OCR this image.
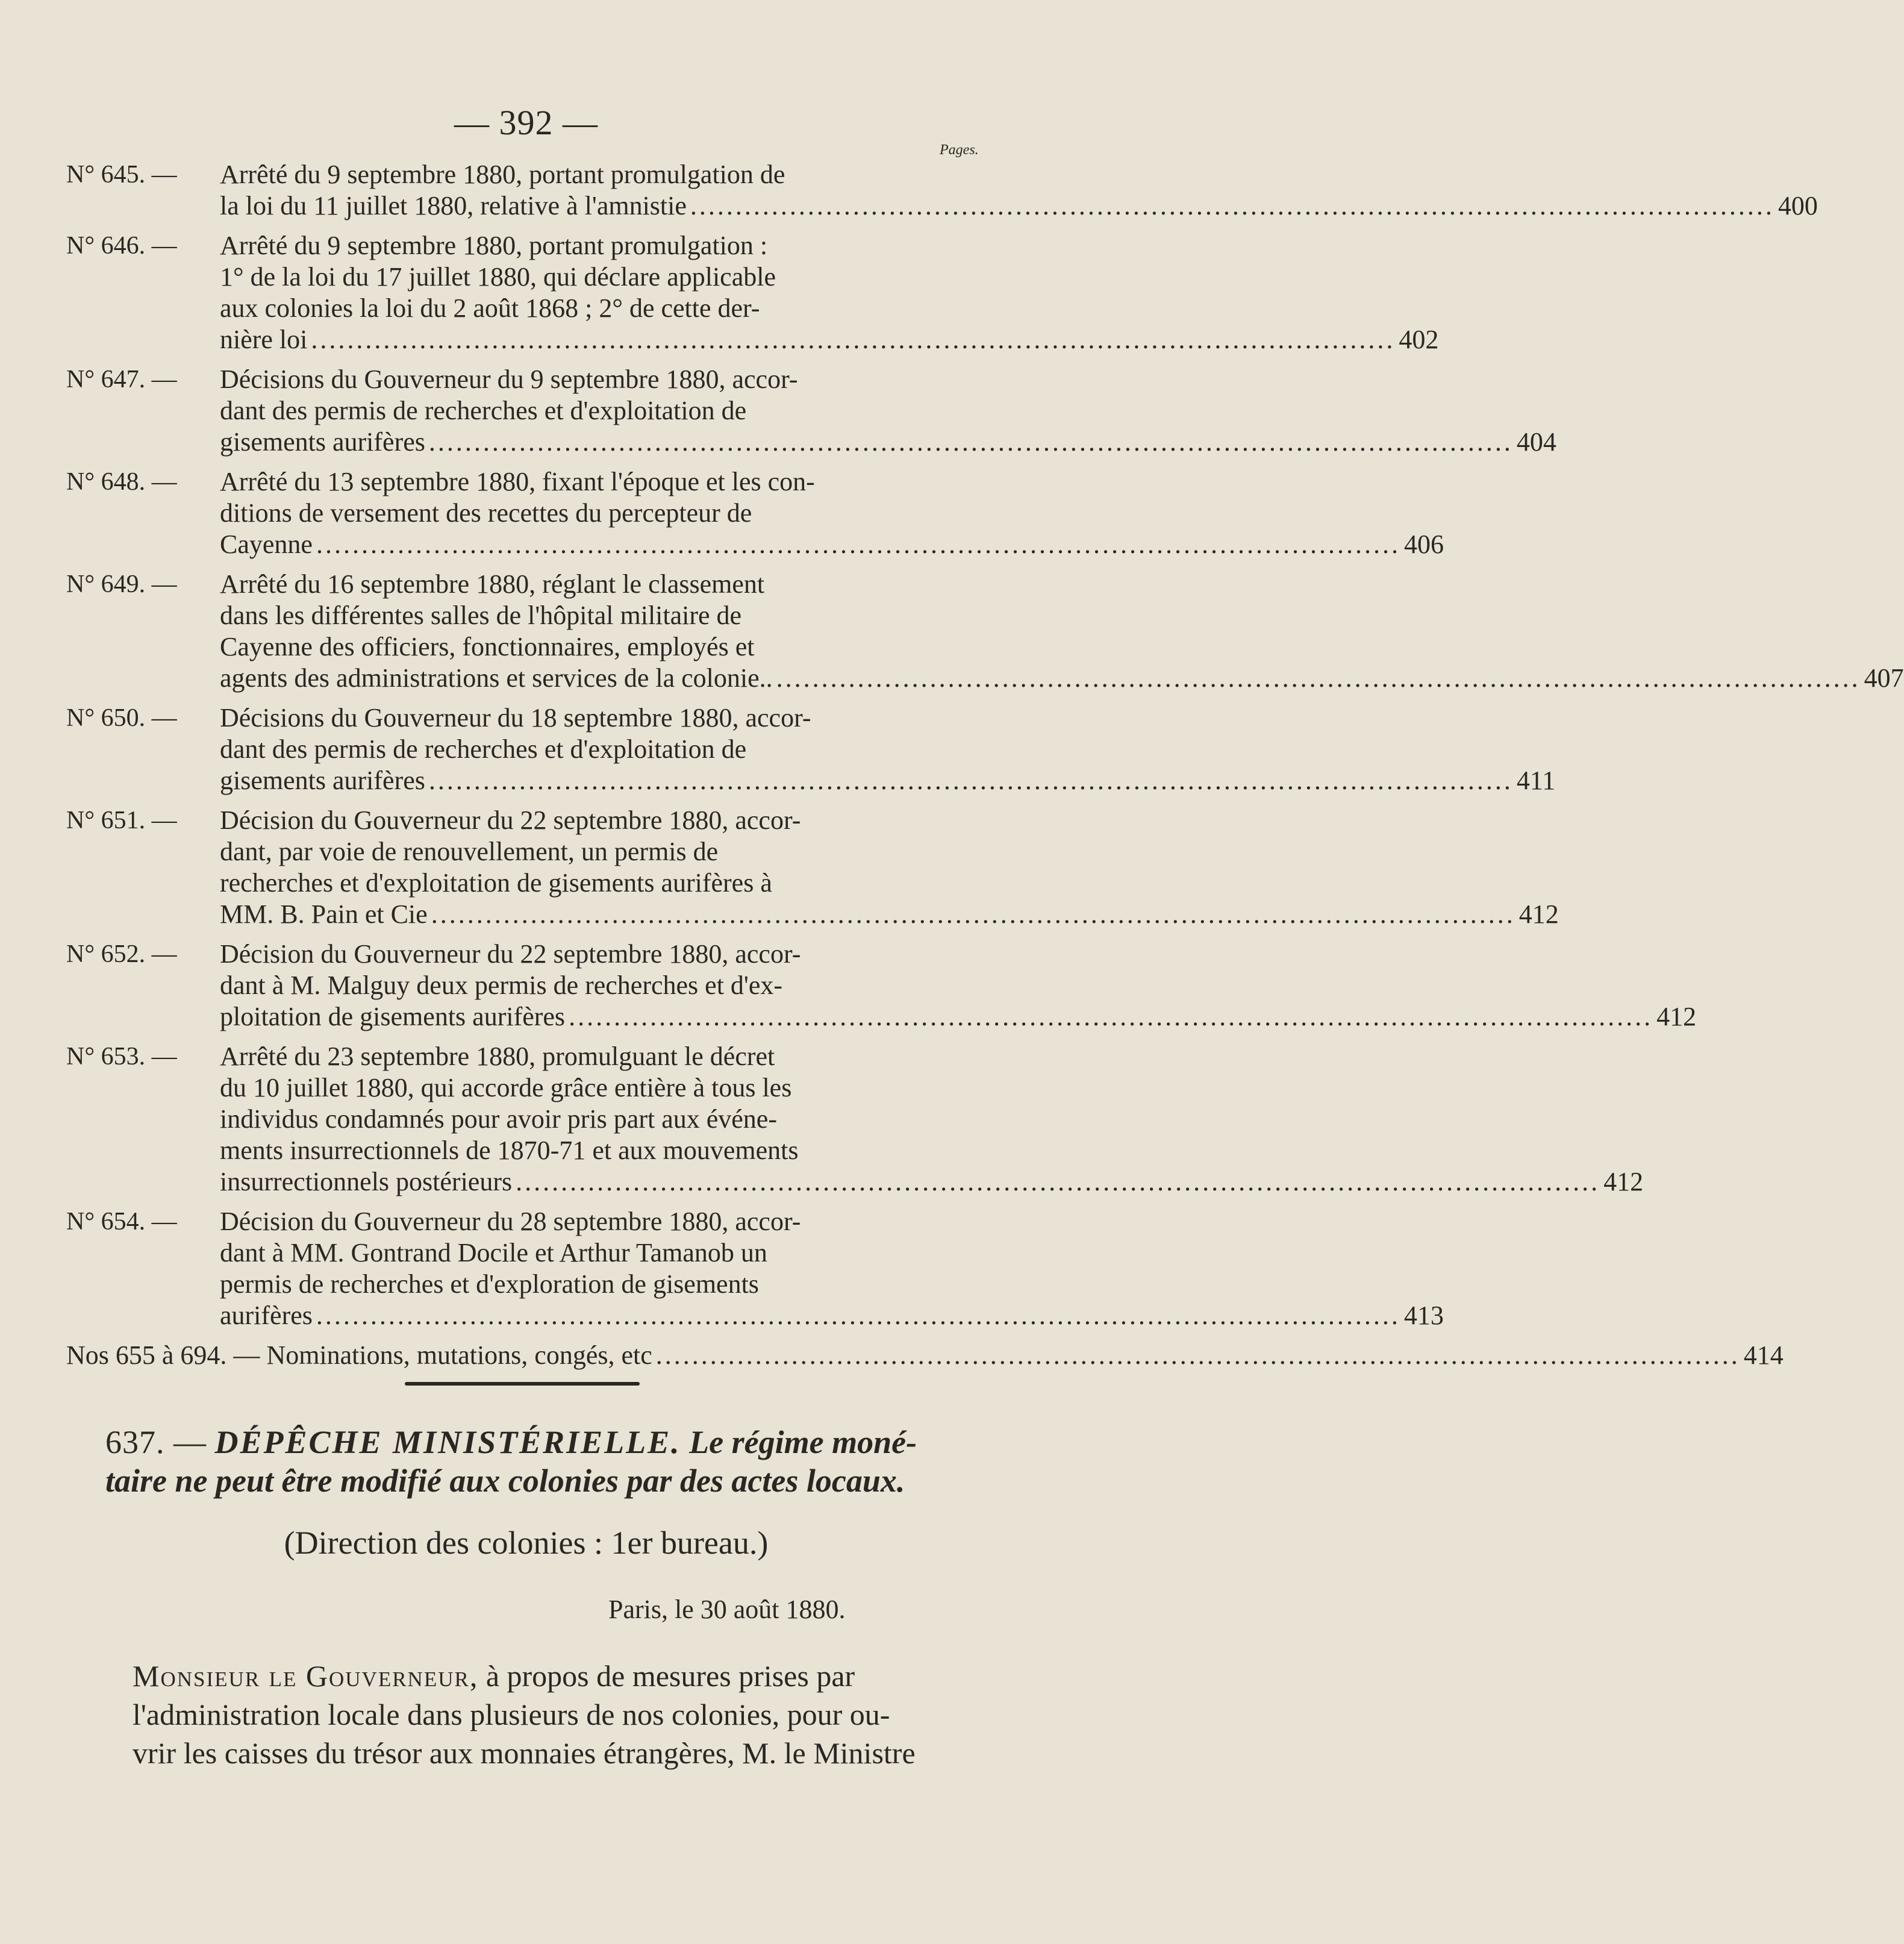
— 392 —
Pages.
N° 645. —	Arrêté du 9 septembre 1880, portant promulgation de
la loi du 11 juillet 1880, relative à l'amnistie ........................................................................................................................ 400
N° 646. —	Arrêté du 9 septembre 1880, portant promulgation :
1° de la loi du 17 juillet 1880, qui déclare applicable
aux colonies la loi du 2 août 1868 ; 2° de cette der-
nière loi ........................................................................................................................ 402
N° 647. —	Décisions du Gouverneur du 9 septembre 1880, accor-
dant des permis de recherches et d'exploitation de
gisements aurifères ........................................................................................................................ 404
N° 648. —	Arrêté du 13 septembre 1880, fixant l'époque et les con-
ditions de versement des recettes du percepteur de
Cayenne ........................................................................................................................ 406
N° 649. —	Arrêté du 16 septembre 1880, réglant le classement
dans les différentes salles de l'hôpital militaire de
Cayenne des officiers, fonctionnaires, employés et
agents des administrations et services de la colonie.. ........................................................................................................................ 407
N° 650. —	Décisions du Gouverneur du 18 septembre 1880, accor-
dant des permis de recherches et d'exploitation de
gisements aurifères ........................................................................................................................ 411
N° 651. —	Décision du Gouverneur du 22 septembre 1880, accor-
dant, par voie de renouvellement, un permis de
recherches et d'exploitation de gisements aurifères à
MM. B. Pain et Cie ........................................................................................................................ 412
N° 652. —	Décision du Gouverneur du 22 septembre 1880, accor-
dant à M. Malguy deux permis de recherches et d'ex-
ploitation de gisements aurifères ........................................................................................................................ 412
N° 653. —	Arrêté du 23 septembre 1880, promulguant le décret
du 10 juillet 1880, qui accorde grâce entière à tous les
individus condamnés pour avoir pris part aux événe-
ments insurrectionnels de 1870-71 et aux mouvements
insurrectionnels postérieurs ........................................................................................................................ 412
N° 654. —	Décision du Gouverneur du 28 septembre 1880, accor-
dant à MM. Gontrand Docile et Arthur Tamanob un
permis de recherches et d'exploration de gisements
aurifères ........................................................................................................................ 413
Nos 655 à 694. — Nominations, mutations, congés, etc ........................................................................................................................ 414
637. — DÉPÊCHE MINISTÉRIELLE. Le régime moné-
taire ne peut être modifié aux colonies par des actes locaux.
(Direction des colonies : 1er bureau.)
Paris, le 30 août 1880.
Monsieur le Gouverneur, à propos de mesures prises par
l'administration locale dans plusieurs de nos colonies, pour ou-
vrir les caisses du trésor aux monnaies étrangères, M. le Ministre
